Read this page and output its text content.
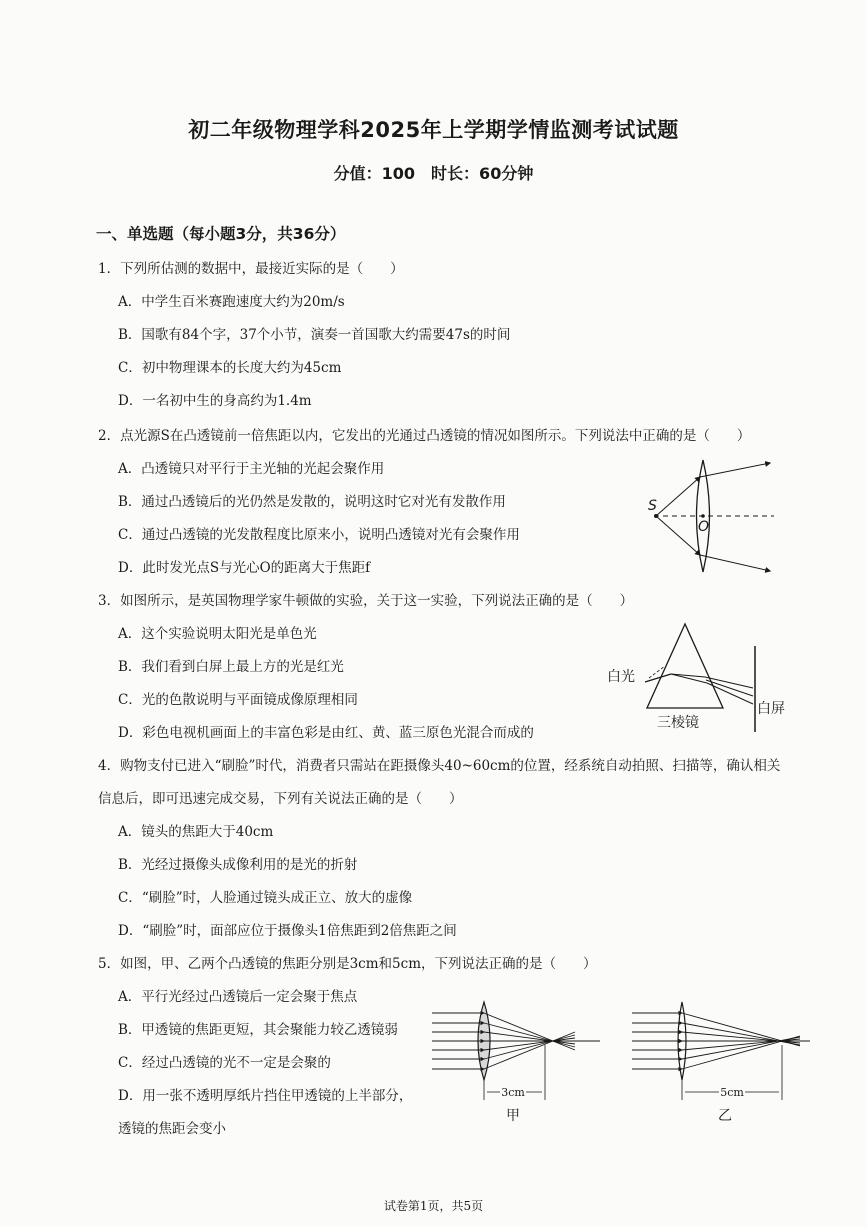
初二年级物理学科2025年上学期学情监测考试试题
分值：100　时长：60分钟
一、单选题（每小题3分，共36分）
1．下列所估测的数据中，最接近实际的是（　　）
A．中学生百米赛跑速度大约为20m/s
B．国歌有84个字，37个小节，演奏一首国歌大约需要47s的时间
C．初中物理课本的长度大约为45cm
D．一名初中生的身高约为1.4m
2．点光源S在凸透镜前一倍焦距以内，它发出的光通过凸透镜的情况如图所示。下列说法中正确的是（　　）
A．凸透镜只对平行于主光轴的光起会聚作用
B．通过凸透镜后的光仍然是发散的，说明这时它对光有发散作用
C．通过凸透镜的光发散程度比原来小，说明凸透镜对光有会聚作用
D．此时发光点S与光心O的距离大于焦距f
S
O
3．如图所示，是英国物理学家牛顿做的实验，关于这一实验，下列说法正确的是（　　）
A．这个实验说明太阳光是单色光
B．我们看到白屏上最上方的光是红光
C．光的色散说明与平面镜成像原理相同
D．彩色电视机画面上的丰富色彩是由红、黄、蓝三原色光混合而成的
白光
三棱镜
白屏
4．购物支付已进入“刷脸”时代，消费者只需站在距摄像头40~60cm的位置，经系统自动拍照、扫描等，确认相关
信息后，即可迅速完成交易，下列有关说法正确的是（　　）
A．镜头的焦距大于40cm
B．光经过摄像头成像利用的是光的折射
C．“刷脸”时，人脸通过镜头成正立、放大的虚像
D．“刷脸”时，面部应位于摄像头1倍焦距到2倍焦距之间
5．如图，甲、乙两个凸透镜的焦距分别是3cm和5cm，下列说法正确的是（　　）
A．平行光经过凸透镜后一定会聚于焦点
B．甲透镜的焦距更短，其会聚能力较乙透镜弱
C．经过凸透镜的光不一定是会聚的
D．用一张不透明厚纸片挡住甲透镜的上半部分，
透镜的焦距会变小
3cm
甲
5cm
乙
试卷第1页，共5页
